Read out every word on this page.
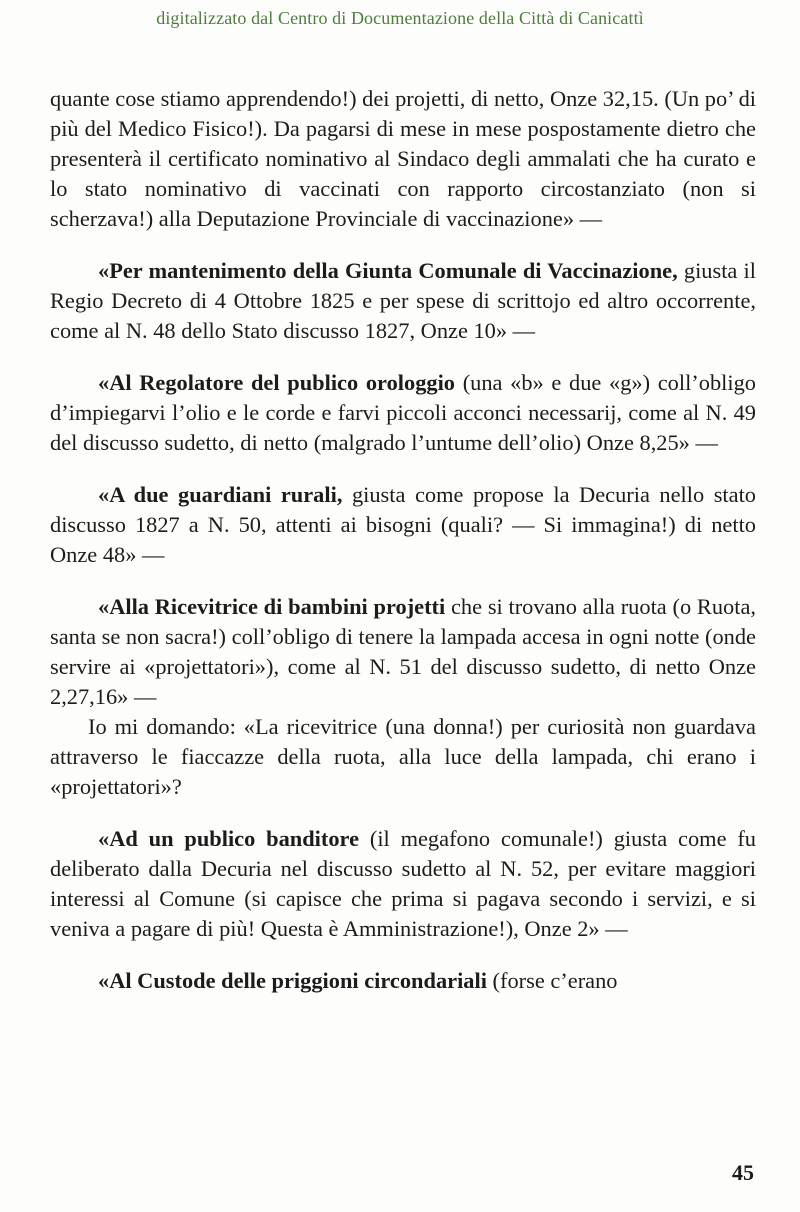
digitalizzato dal Centro di Documentazione della Città di Canicattì

quante cose stiamo apprendendo!) dei projetti, di netto, Onze 32,15. (Un po’ di più del Medico Fisico!). Da pagarsi di mese in mese pospostamente dietro che presenterà il certificato nominativo al Sindaco degli ammalati che ha curato e lo stato nominativo di vaccinati con rapporto circostanziato (non si scherzava!) alla Deputazione Provinciale di vaccinazione» —

«Per mantenimento della Giunta Comunale di Vaccinazione, giusta il Regio Decreto di 4 Ottobre 1825 e per spese di scrittojo ed altro occorrente, come al N. 48 dello Stato discusso 1827, Onze 10» —

«Al Regolatore del publico orologgio (una «b» e due «g») coll’obligo d’impiegarvi l’olio e le corde e farvi piccoli acconci necessarij, come al N. 49 del discusso sudetto, di netto (malgrado l’untume dell’olio) Onze 8,25» —

«A due guardiani rurali, giusta come propose la Decuria nello stato discusso 1827 a N. 50, attenti ai bisogni (quali? — Si immagina!) di netto Onze 48» —

«Alla Ricevitrice di bambini projetti che si trovano alla ruota (o Ruota, santa se non sacra!) coll’obligo di tenere la lampada accesa in ogni notte (onde servire ai «projettatori»), come al N. 51 del discusso sudetto, di netto Onze 2,27,16» —

Io mi domando: «La ricevitrice (una donna!) per curiosità non guardava attraverso le fiaccazze della ruota, alla luce della lampada, chi erano i «projettatori»?

«Ad un publico banditore (il megafono comunale!) giusta come fu deliberato dalla Decuria nel discusso sudetto al N. 52, per evitare maggiori interessi al Comune (si capisce che prima si pagava secondo i servizi, e si veniva a pagare di più! Questa è Amministrazione!), Onze 2» —

«Al Custode delle priggioni circondariali (forse c’erano

45
